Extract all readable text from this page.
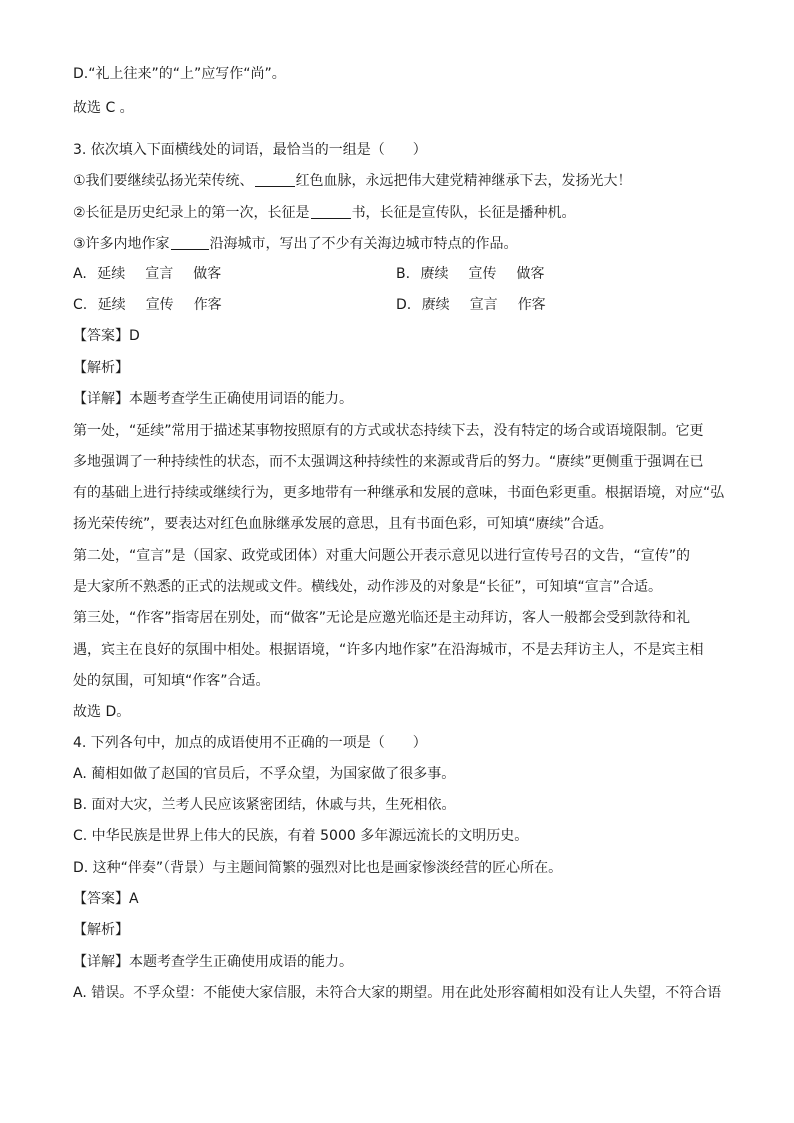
D.“礼上往来”的“上”应写作“尚”。
故选 C 。
3. 依次填入下面横线处的词语，最恰当的一组是（　　）
①我们要继续弘扬光荣传统、	红色血脉，永远把伟大建党精神继承下去，发扬光大！
②长征是历史纪录上的第一次，长征是	书，长征是宣传队，长征是播种机。
③许多内地作家	沿海城市，写出了不少有关海边城市特点的作品。
A. 延续 宣言 做客	B. 赓续 宣传 做客
C. 延续 宣传 作客	D. 赓续 宣言 作客
【答案】D
【解析】
【详解】本题考查学生正确使用词语的能力。
第一处，“延续”常用于描述某事物按照原有的方式或状态持续下去，没有特定的场合或语境限制。它更
多地强调了一种持续性的状态，而不太强调这种持续性的来源或背后的努力。“赓续”更侧重于强调在已
有的基础上进行持续或继续行为，更多地带有一种继承和发展的意味，书面色彩更重。根据语境，对应“弘
扬光荣传统”，要表达对红色血脉继承发展的意思，且有书面色彩，可知填“赓续”合适。
第二处，“宣言”是（国家、政党或团体）对重大问题公开表示意见以进行宣传号召的文告，“宣传”的
是大家所不熟悉的正式的法规或文件。横线处，动作涉及的对象是“长征”，可知填“宣言”合适。
第三处，“作客”指寄居在别处，而“做客”无论是应邀光临还是主动拜访，客人一般都会受到款待和礼
遇，宾主在良好的氛围中相处。根据语境，“许多内地作家”在沿海城市，不是去拜访主人，不是宾主相
处的氛围，可知填“作客”合适。
故选 D。
4. 下列各句中，加点的成语使用不正确的一项是（　　）
A. 蔺相如做了赵国的官员后，不孚众望，为国家做了很多事。
B. 面对大灾，兰考人民应该紧密团结，休戚与共，生死相依。
C. 中华民族是世界上伟大的民族，有着 5000 多年源远流长的文明历史。
D. 这种“伴奏”（背景）与主题间简繁的强烈对比也是画家惨淡经营的匠心所在。
【答案】A
【解析】
【详解】本题考查学生正确使用成语的能力。
A. 错误。不孚众望：不能使大家信服，未符合大家的期望。用在此处形容蔺相如没有让人失望，不符合语
